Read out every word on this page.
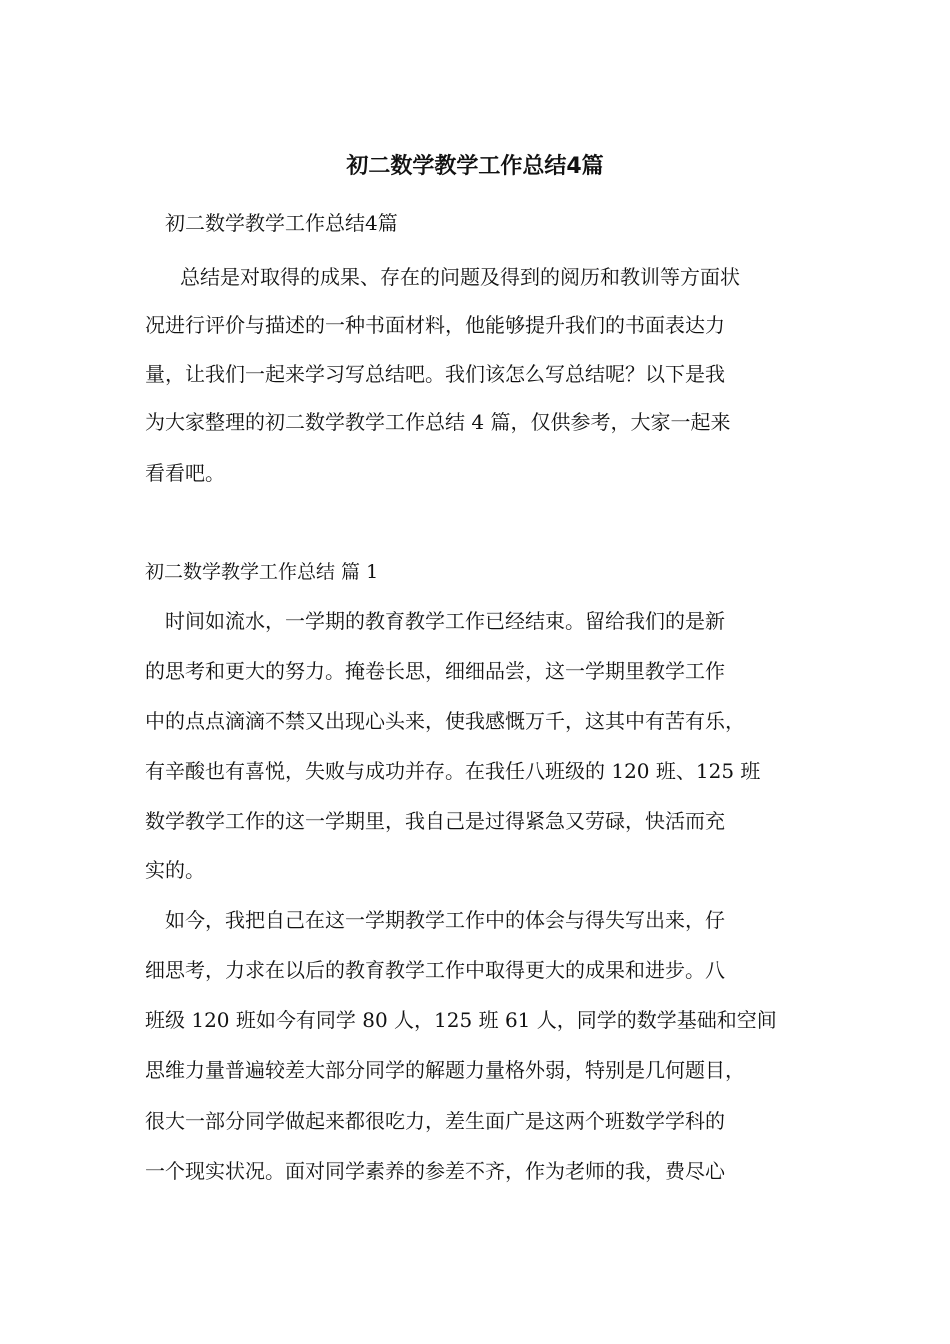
初二数学教学工作总结4篇

初二数学教学工作总结4篇

总结是对取得的成果、存在的问题及得到的阅历和教训等方面状

况进行评价与描述的一种书面材料，他能够提升我们的书面表达力

量，让我们一起来学习写总结吧。我们该怎么写总结呢？以下是我

为大家整理的初二数学教学工作总结 4 篇，仅供参考，大家一起来

看看吧。

初二数学教学工作总结 篇 1

时间如流水，一学期的教育教学工作已经结束。留给我们的是新

的思考和更大的努力。掩卷长思，细细品尝，这一学期里教学工作

中的点点滴滴不禁又出现心头来，使我感慨万千，这其中有苦有乐，

有辛酸也有喜悦，失败与成功并存。在我任八班级的 120 班、125 班

数学教学工作的这一学期里，我自己是过得紧急又劳碌，快活而充

实的。

如今，我把自己在这一学期教学工作中的体会与得失写出来，仔

细思考，力求在以后的教育教学工作中取得更大的成果和进步。八

班级 120 班如今有同学 80 人，125 班 61 人，同学的数学基础和空间

思维力量普遍较差大部分同学的解题力量格外弱，特别是几何题目，

很大一部分同学做起来都很吃力，差生面广是这两个班数学学科的

一个现实状况。面对同学素养的参差不齐，作为老师的我，费尽心
